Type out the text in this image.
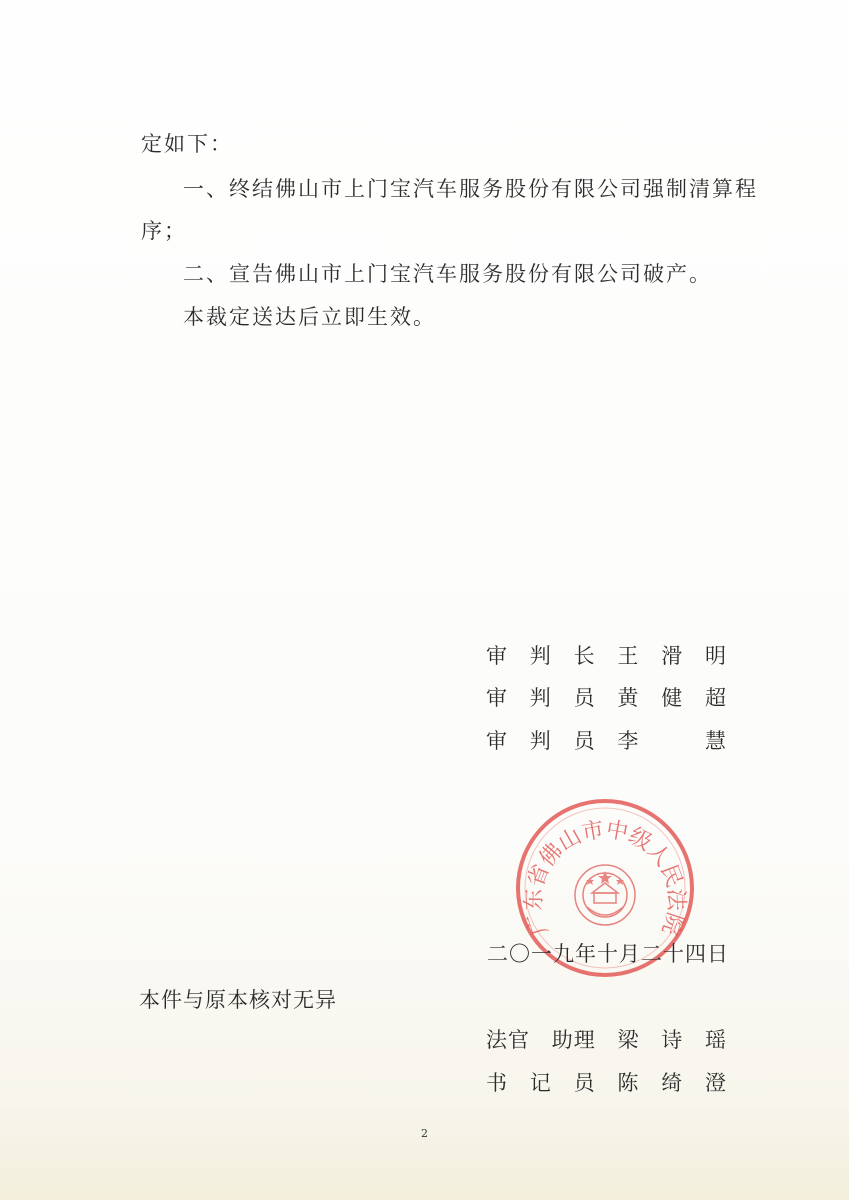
定如下：
一、终结佛山市上门宝汽车服务股份有限公司强制清算程
序；
二、宣告佛山市上门宝汽车服务股份有限公司破产。
本裁定送达后立即生效。
审 判 长 王 滑 明
审 判 员 黄 健 超
审 判 员 李	慧
广东省佛山市中级人民法院
二〇一九年十月二十四日
本件与原本核对无异
法 官 助 理 梁 诗 瑶
书 记 员 陈 绮 澄
2
